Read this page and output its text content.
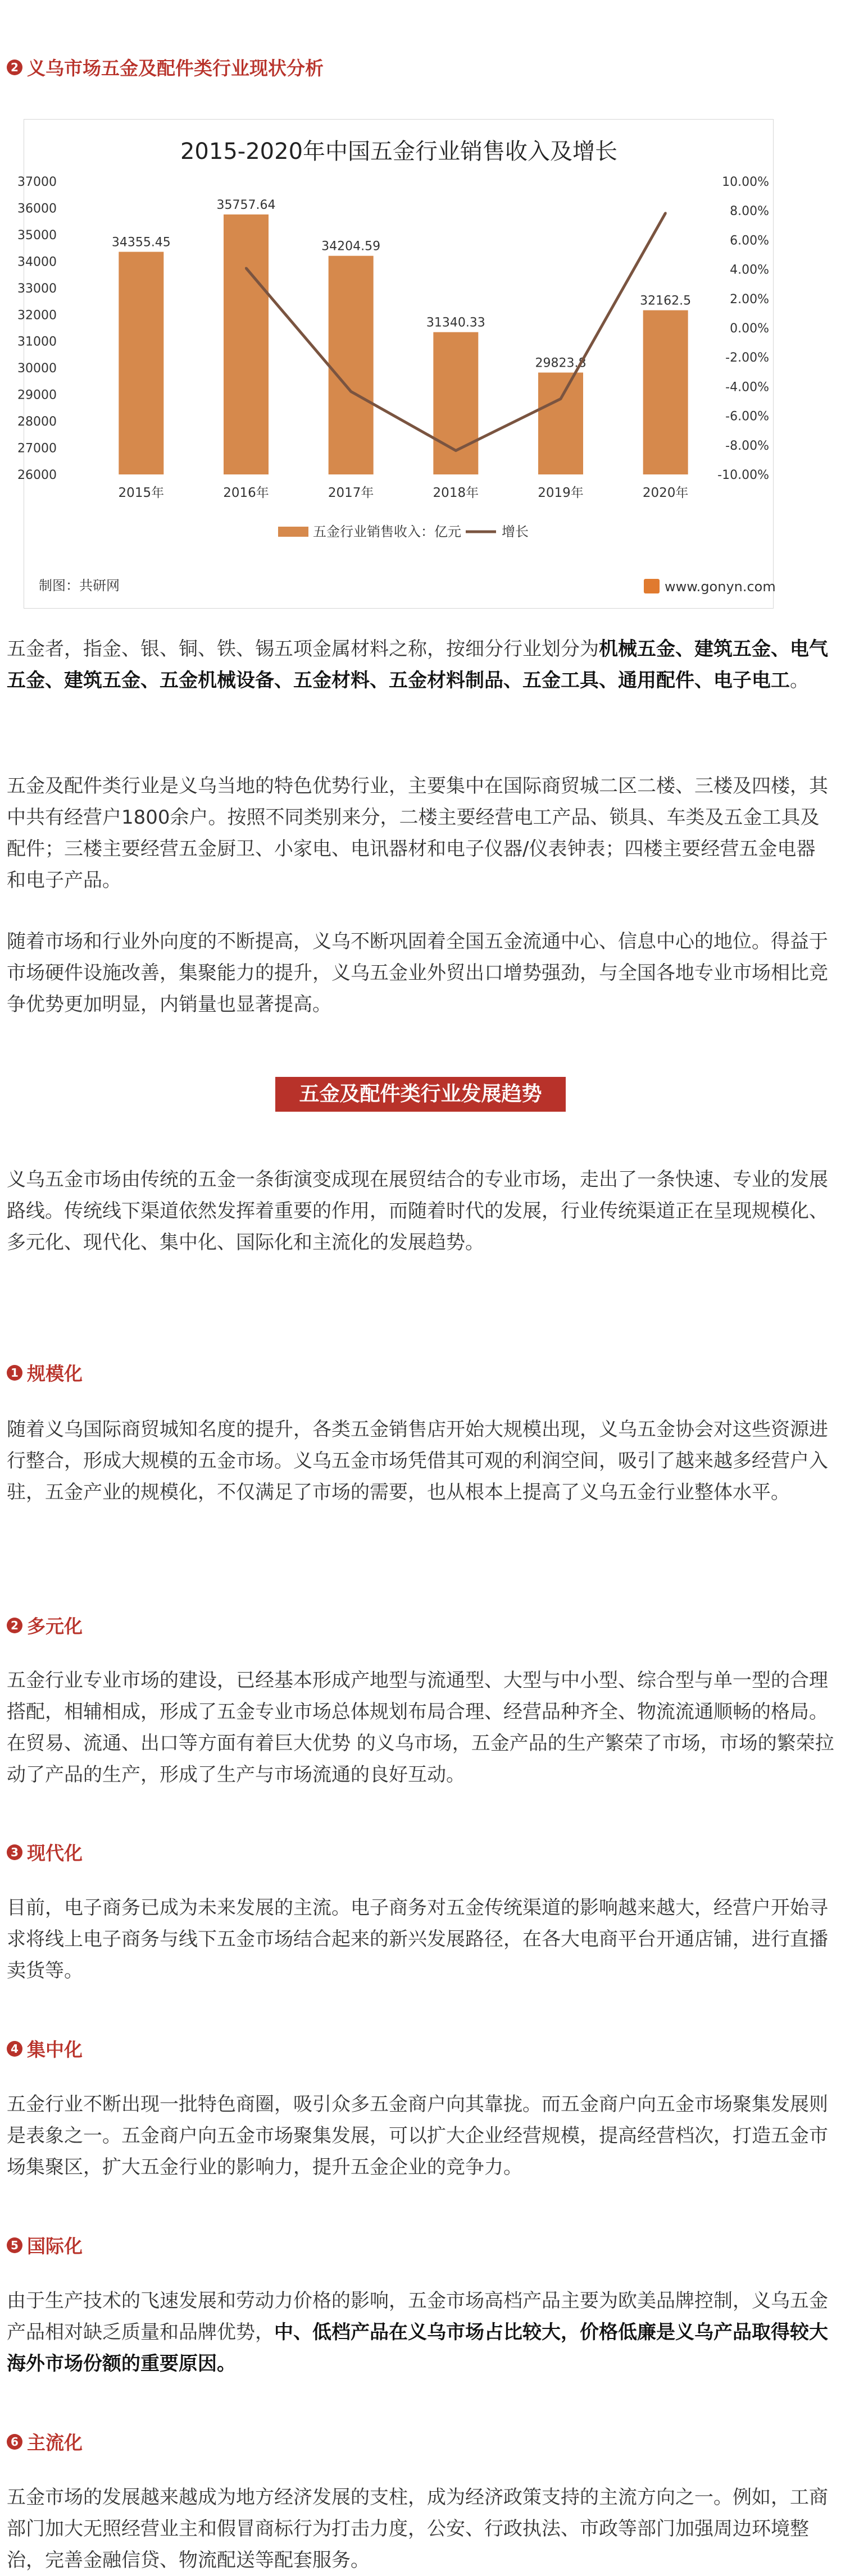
2 义乌市场五金及配件类行业现状分析
2015-2020年中国五金行业销售收入及增长
37000
36000
35000
34000
33000
32000
31000
30000
29000
28000
27000
26000
10.00%
8.00%
6.00%
4.00%
2.00%
0.00%
-2.00%
-4.00%
-6.00%
-8.00%
-10.00%
34355.45
35757.64
34204.59
31340.33
29823.8
32162.5
2015年	2016年	2017年	2018年	2019年	2020年
五金行业销售收入：亿元	增长
制图：共研网	www.gonyn.com
五金者，指金、银、铜、铁、锡五项金属材料之称，按细分行业划分为机械五金、建筑五金、电气五金、建筑五金、五金机械设备、五金材料、五金材料制品、五金工具、通用配件、电子电工。
五金及配件类行业是义乌当地的特色优势行业，主要集中在国际商贸城二区二楼、三楼及四楼，其中共有经营户1800余户。按照不同类别来分，二楼主要经营电工产品、锁具、车类及五金工具及配件；三楼主要经营五金厨卫、小家电、电讯器材和电子仪器/仪表钟表；四楼主要经营五金电器和电子产品。
随着市场和行业外向度的不断提高，义乌不断巩固着全国五金流通中心、信息中心的地位。得益于市场硬件设施改善，集聚能力的提升，义乌五金业外贸出口增势强劲，与全国各地专业市场相比竞争优势更加明显，内销量也显著提高。
五金及配件类行业发展趋势
义乌五金市场由传统的五金一条街演变成现在展贸结合的专业市场，走出了一条快速、专业的发展路线。传统线下渠道依然发挥着重要的作用，而随着时代的发展，行业传统渠道正在呈现规模化、多元化、现代化、集中化、国际化和主流化的发展趋势。
1 规模化
随着义乌国际商贸城知名度的提升，各类五金销售店开始大规模出现，义乌五金协会对这些资源进行整合，形成大规模的五金市场。义乌五金市场凭借其可观的利润空间，吸引了越来越多经营户入驻，五金产业的规模化，不仅满足了市场的需要，也从根本上提高了义乌五金行业整体水平。
2 多元化
五金行业专业市场的建设，已经基本形成产地型与流通型、大型与中小型、综合型与单一型的合理搭配，相辅相成，形成了五金专业市场总体规划布局合理、经营品种齐全、物流流通顺畅的格局。在贸易、流通、出口等方面有着巨大优势 的义乌市场，五金产品的生产繁荣了市场，市场的繁荣拉动了产品的生产，形成了生产与市场流通的良好互动。
3 现代化
目前，电子商务已成为未来发展的主流。电子商务对五金传统渠道的影响越来越大，经营户开始寻求将线上电子商务与线下五金市场结合起来的新兴发展路径，在各大电商平台开通店铺，进行直播卖货等。
4 集中化
五金行业不断出现一批特色商圈，吸引众多五金商户向其靠拢。而五金商户向五金市场聚集发展则是表象之一。五金商户向五金市场聚集发展，可以扩大企业经营规模，提高经营档次，打造五金市场集聚区，扩大五金行业的影响力，提升五金企业的竞争力。
5 国际化
由于生产技术的飞速发展和劳动力价格的影响，五金市场高档产品主要为欧美品牌控制，义乌五金产品相对缺乏质量和品牌优势，中、低档产品在义乌市场占比较大，价格低廉是义乌产品取得较大海外市场份额的重要原因。
6 主流化
五金市场的发展越来越成为地方经济发展的支柱，成为经济政策支持的主流方向之一。例如，工商部门加大无照经营业主和假冒商标行为打击力度，公安、行政执法、市政等部门加强周边环境整治，完善金融信贷、物流配送等配套服务。
